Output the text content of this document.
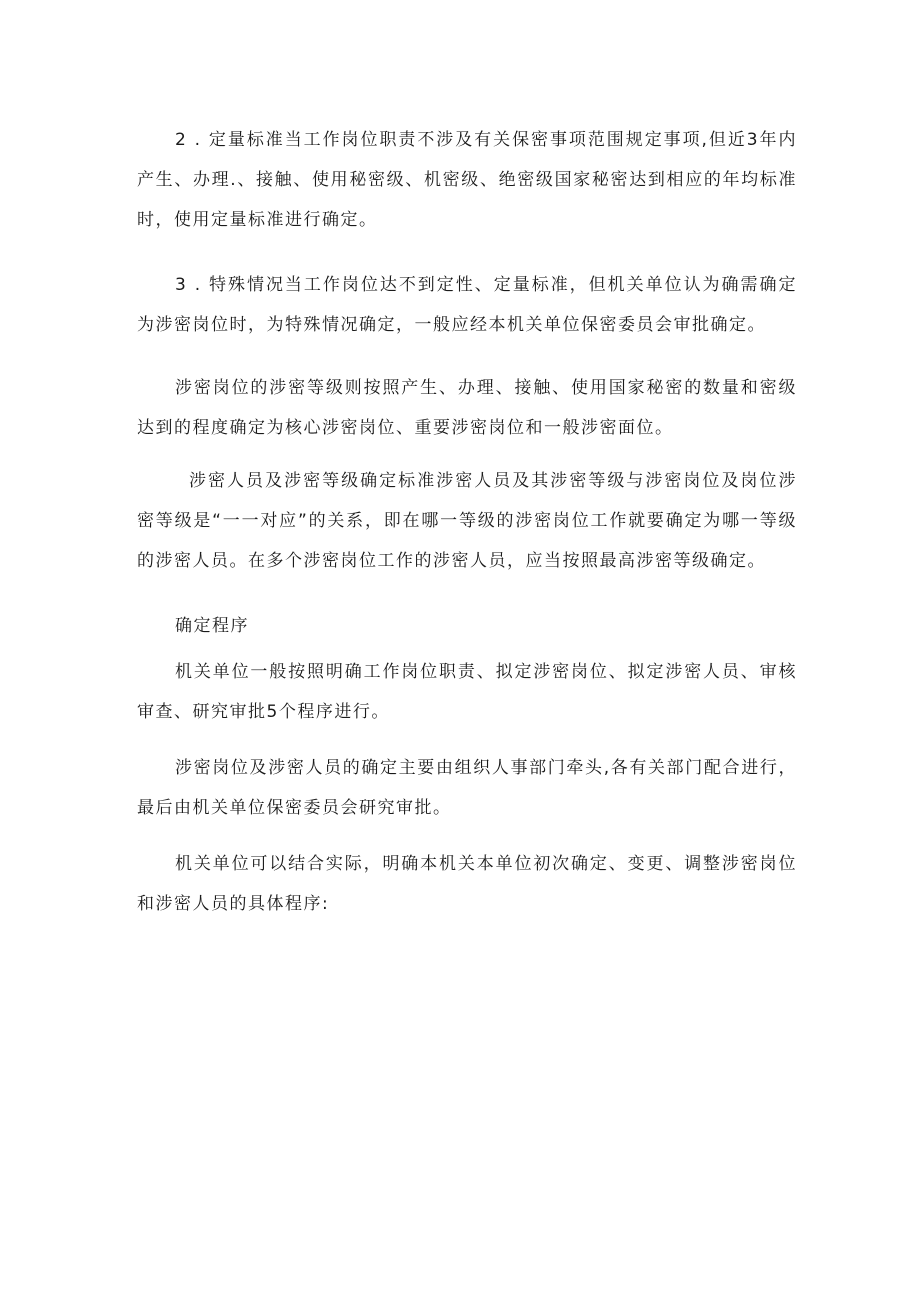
2 . 定量标准当工作岗位职责不涉及有关保密事项范围规定事项,但近3年内产生、办理.、接触、使用秘密级、机密级、绝密级国家秘密达到相应的年均标准时，使用定量标准进行确定。

3 . 特殊情况当工作岗位达不到定性、定量标准，但机关单位认为确需确定为涉密岗位时，为特殊情况确定，一般应经本机关单位保密委员会审批确定。

涉密岗位的涉密等级则按照产生、办理、接触、使用国家秘密的数量和密级达到的程度确定为核心涉密岗位、重要涉密岗位和一般涉密面位。

涉密人员及涉密等级确定标准涉密人员及其涉密等级与涉密岗位及岗位涉密等级是“一一对应”的关系，即在哪一等级的涉密岗位工作就要确定为哪一等级的涉密人员。在多个涉密岗位工作的涉密人员，应当按照最高涉密等级确定。

确定程序

机关单位一般按照明确工作岗位职责、拟定涉密岗位、拟定涉密人员、审核审查、研究审批5个程序进行。

涉密岗位及涉密人员的确定主要由组织人事部门牵头,各有关部门配合进行，最后由机关单位保密委员会研究审批。

机关单位可以结合实际，明确本机关本单位初次确定、变更、调整涉密岗位和涉密人员的具体程序:
